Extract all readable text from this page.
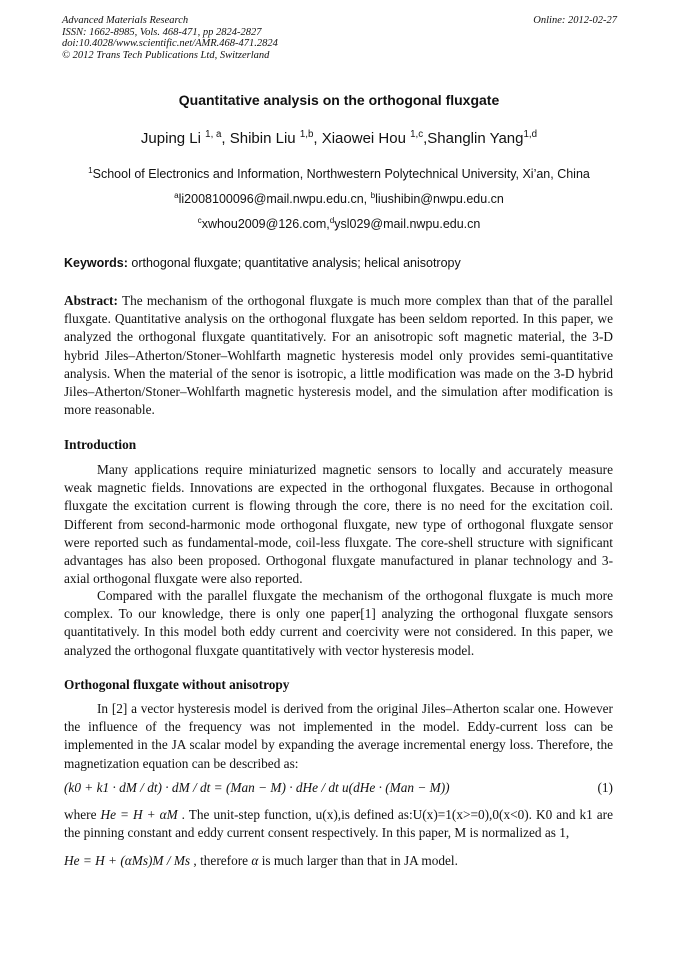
Advanced Materials Research
ISSN: 1662-8985, Vols. 468-471, pp 2824-2827
doi:10.4028/www.scientific.net/AMR.468-471.2824
© 2012 Trans Tech Publications Ltd, Switzerland
Online: 2012-02-27
Quantitative analysis on the orthogonal fluxgate
Juping Li $^{1, a}$, Shibin Liu $^{1,b}$, Xiaowei Hou $^{1,c}$,Shanglin Yang$^{1,d}$
$^1$School of Electronics and Information, Northwestern Polytechnical University, Xi’an, China
$^a$li2008100096@mail.nwpu.edu.cn, $^b$liushibin@nwpu.edu.cn
$^c$xwhou2009@126.com,$^d$ysl029@mail.nwpu.edu.cn
Keywords: orthogonal fluxgate; quantitative analysis; helical anisotropy
Abstract: The mechanism of the orthogonal fluxgate is much more complex than that of the parallel fluxgate. Quantitative analysis on the orthogonal fluxgate has been seldom reported. In this paper, we analyzed the orthogonal fluxgate quantitatively. For an anisotropic soft magnetic material, the 3-D hybrid Jiles–Atherton/Stoner–Wohlfarth magnetic hysteresis model only provides semi-quantitative analysis. When the material of the senor is isotropic, a little modification was made on the 3-D hybrid Jiles–Atherton/Stoner–Wohlfarth magnetic hysteresis model, and the simulation after modification is more reasonable.
Introduction
Many applications require miniaturized magnetic sensors to locally and accurately measure weak magnetic fields. Innovations are expected in the orthogonal fluxgates. Because in orthogonal fluxgate the excitation current is flowing through the core, there is no need for the excitation coil. Different from second-harmonic mode orthogonal fluxgate, new type of orthogonal fluxgate sensor were reported such as fundamental-mode, coil-less fluxgate. The core-shell structure with significant advantages has also been proposed. Orthogonal fluxgate manufactured in planar technology and 3-axial orthogonal fluxgate were also reported.
Compared with the parallel fluxgate the mechanism of the orthogonal fluxgate is much more complex. To our knowledge, there is only one paper[1] analyzing the orthogonal fluxgate sensors quantitatively. In this model both eddy current and coercivity were not considered. In this paper, we analyzed the orthogonal fluxgate quantitatively with vector hysteresis model.
Orthogonal fluxgate without anisotropy
In [2] a vector hysteresis model is derived from the original Jiles–Atherton scalar one. However the influence of the frequency was not implemented in the model. Eddy-current loss can be implemented in the JA scalar model by expanding the average incremental energy loss. Therefore, the magnetization equation can be described as:
(k0 + k1 · dM / dt) · dM / dt = (Man − M) · dHe / dt u(dHe · (Man − M))	(1)
where He = H + αM . The unit-step function, u(x),is defined as:U(x)=1(x>=0),0(x<0). K0 and k1 are the pinning constant and eddy current consent respectively. In this paper, M is normalized as 1,
He = H + (αMs)M / Ms , therefore α is much larger than that in JA model.
